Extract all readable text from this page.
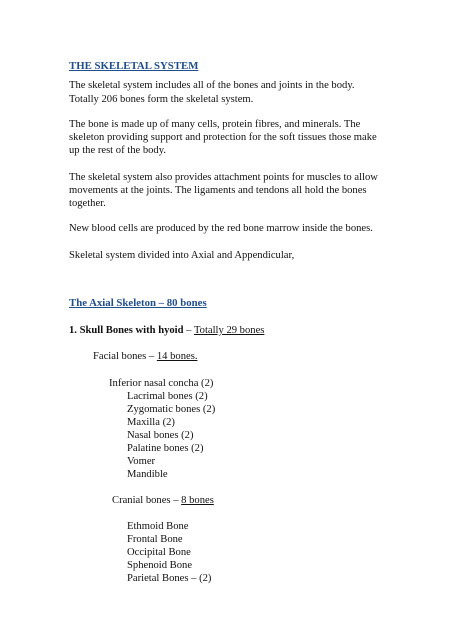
THE SKELETAL SYSTEM
The skeletal system includes all of the bones and joints in the body.
Totally 206 bones form the skeletal system.
The bone is made up of many cells, protein fibres, and minerals. The
skeleton providing support and protection for the soft tissues those make
up the rest of the body.
The skeletal system also provides attachment points for muscles to allow
movements at the joints. The ligaments and tendons all hold the bones
together.
New blood cells are produced by the red bone marrow inside the bones.
Skeletal system divided into Axial and Appendicular,
The Axial Skeleton – 80 bones
1. Skull Bones with hyoid – Totally 29 bones
Facial bones – 14 bones.
Inferior nasal concha (2)
Lacrimal bones (2)
Zygomatic bones (2)
Maxilla (2)
Nasal bones (2)
Palatine bones (2)
Vomer
Mandible
Cranial bones – 8 bones
Ethmoid Bone
Frontal Bone
Occipital Bone
Sphenoid Bone
Parietal Bones – (2)
